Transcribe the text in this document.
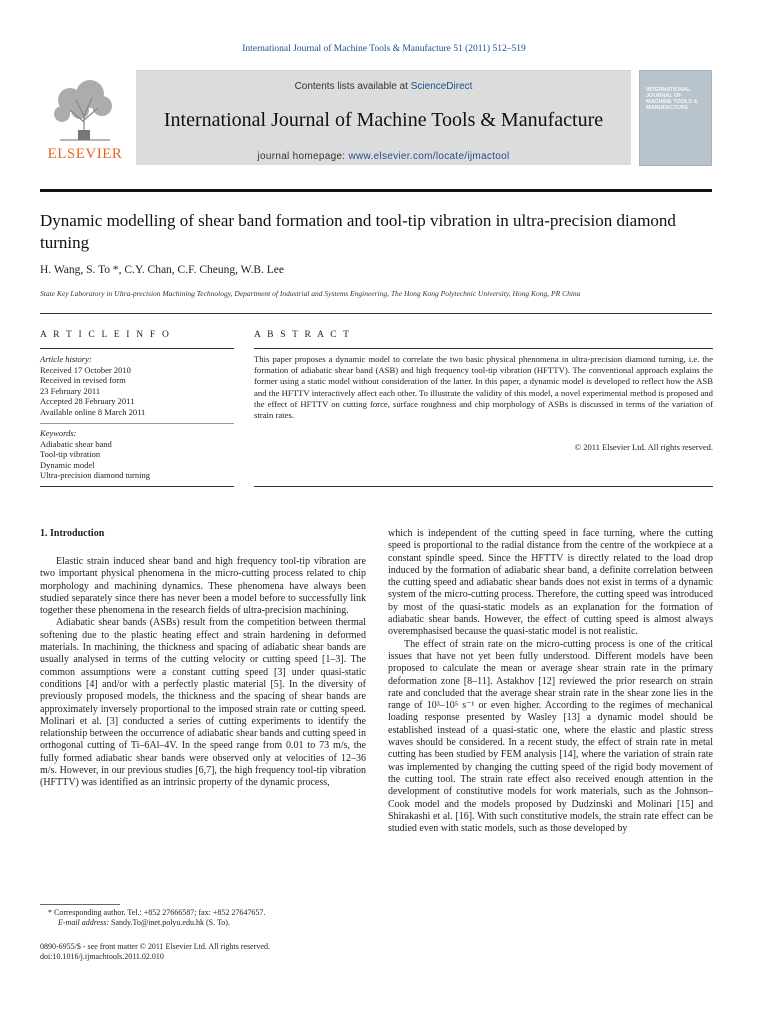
International Journal of Machine Tools & Manufacture 51 (2011) 512–519
ELSEVIER
Contents lists available at ScienceDirect
International Journal of Machine Tools & Manufacture
journal homepage: www.elsevier.com/locate/ijmactool
INTERNATIONAL JOURNAL OF MACHINE TOOLS & MANUFACTURE
Dynamic modelling of shear band formation and tool-tip vibration in ultra-precision diamond turning
H. Wang, S. To *, C.Y. Chan, C.F. Cheung, W.B. Lee
State Key Laboratory in Ultra-precision Machining Technology, Department of Industrial and Systems Engineering, The Hong Kong Polytechnic University, Hong Kong, PR China
A R T I C L E I N F O
Article history:
Received 17 October 2010
Received in revised form
23 February 2011
Accepted 28 February 2011
Available online 8 March 2011
Keywords:
Adiabatic shear band
Tool-tip vibration
Dynamic model
Ultra-precision diamond turning
A B S T R A C T
This paper proposes a dynamic model to correlate the two basic physical phenomena in ultra-precision diamond turning, i.e. the formation of adiabatic shear band (ASB) and high frequency tool-tip vibration (HFTTV). The conventional approach explains the former using a static model without consideration of the latter. In this paper, a dynamic model is developed to reflect how the ASB and the HFTTV interactively affect each other. To illustrate the validity of this model, a novel experimental method is proposed and the effect of HFTTV on cutting force, surface roughness and chip morphology of ASBs is discussed in terms of the variation of strain rates.
© 2011 Elsevier Ltd. All rights reserved.
1. Introduction

Elastic strain induced shear band and high frequency tool-tip vibration are two important physical phenomena in the micro-cutting process related to chip morphology and machining dynamics. These phenomena have always been studied separately since there has never been a model before to successfully link together these phenomena in the research fields of ultra-precision machining.

Adiabatic shear bands (ASBs) result from the competition between thermal softening due to the plastic heating effect and strain hardening in deformed materials. In machining, the thickness and spacing of adiabatic shear bands are usually analysed in terms of the cutting velocity or cutting speed [1–3]. The common assumptions were a constant cutting speed [3] under quasi-static conditions [4] and/or with a perfectly plastic material [5]. In the diversity of previously proposed models, the thickness and the spacing of shear bands are approximately inversely proportional to the imposed strain rate or cutting speed. Molinari et al. [3] conducted a series of cutting experiments to identify the relationship between the occurrence of adiabatic shear bands and cutting speed in orthogonal cutting of Ti–6Al–4V. In the speed range from 0.01 to 73 m/s, the fully formed adiabatic shear bands were observed only at velocities of 12–36 m/s. However, in our previous studies [6,7], the high frequency tool-tip vibration (HFTTV) was identified as an intrinsic property of the dynamic process,

which is independent of the cutting speed in face turning, where the cutting speed is proportional to the radial distance from the centre of the workpiece at a constant spindle speed. Since the HFTTV is directly related to the load drop induced by the formation of adiabatic shear band, a definite correlation between the cutting speed and adiabatic shear bands does not exist in terms of a dynamic system of the micro-cutting process. Therefore, the cutting speed was introduced by most of the quasi-static models as an explanation for the formation of adiabatic shear bands. However, the effect of cutting speed is almost always overemphasised because the quasi-static model is not realistic.

The effect of strain rate on the micro-cutting process is one of the critical issues that have not yet been fully understood. Different models have been proposed to calculate the mean or average shear strain rate in the primary deformation zone [8–11]. Astakhov [12] reviewed the prior research on strain rate and concluded that the average shear strain rate in the shear zone lies in the range of 10³–10⁵ s⁻¹ or even higher. According to the regimes of mechanical loading response presented by Wasley [13] a dynamic model should be established instead of a quasi-static one, where the elastic and plastic stress waves should be considered. In a recent study, the effect of strain rate in metal cutting has been studied by FEM analysis [14], where the variation of strain rate was implemented by changing the cutting speed of the rigid body movement of the cutting tool. The strain rate effect also received enough attention in the development of constitutive models for work materials, such as the Johnson–Cook model and the models proposed by Dudzinski and Molinari [15] and Shirakashi et al. [16]. With such constitutive models, the strain rate effect can be studied even with static models, such as those developed by

* Corresponding author. Tel.: +852 27666587; fax: +852 27647657.
E-mail address: Sandy.To@inet.polyu.edu.hk (S. To).
0890-6955/$ - see front matter © 2011 Elsevier Ltd. All rights reserved.
doi:10.1016/j.ijmachtools.2011.02.010
